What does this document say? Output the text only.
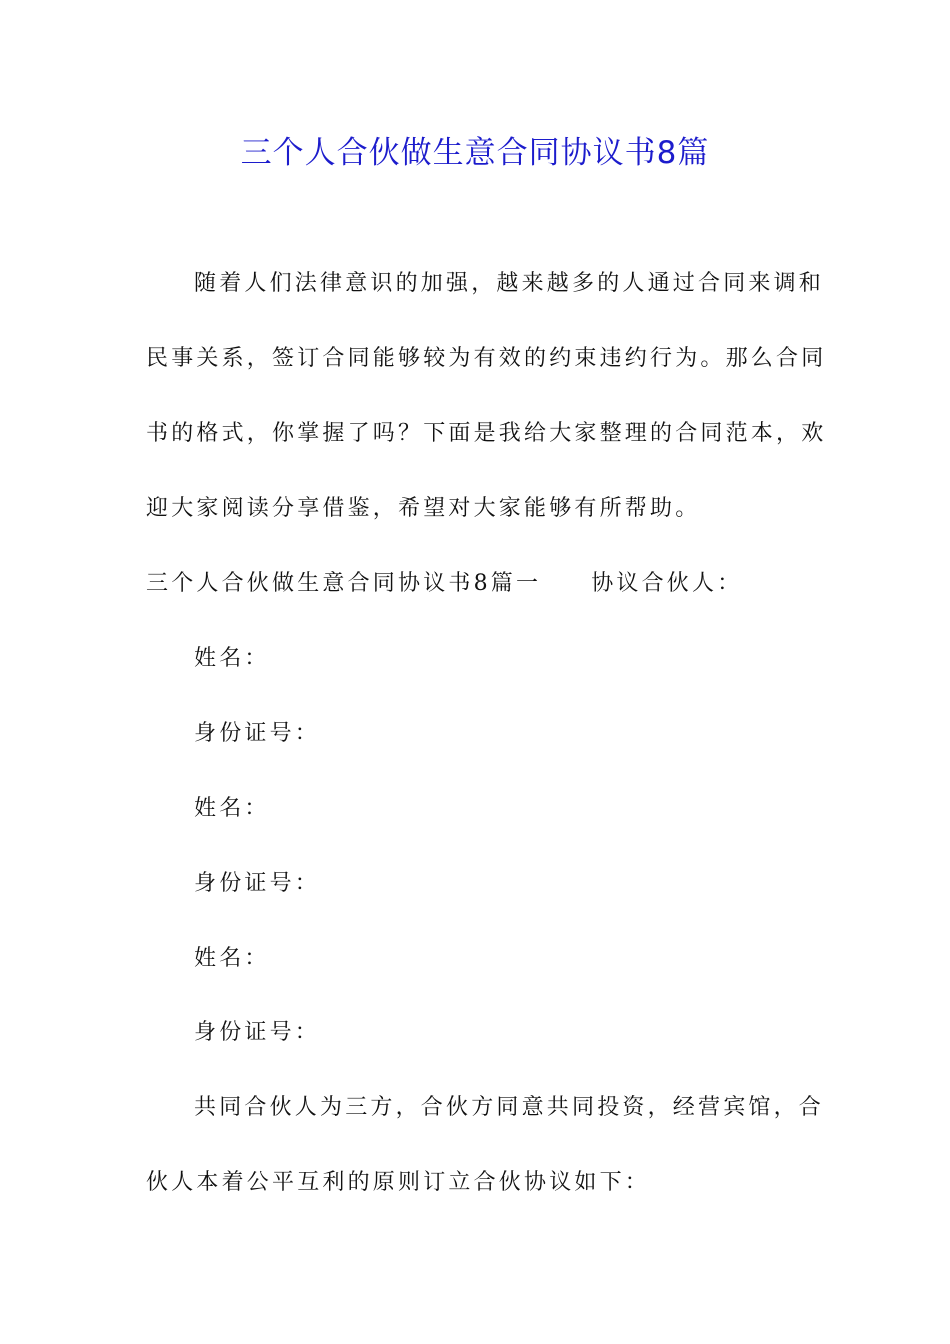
三个人合伙做生意合同协议书8篇
随着人们法律意识的加强，越来越多的人通过合同来调和
民事关系，签订合同能够较为有效的约束违约行为。那么合同
书的格式，你掌握了吗？下面是我给大家整理的合同范本，欢
迎大家阅读分享借鉴，希望对大家能够有所帮助。
三个人合伙做生意合同协议书8篇一 协议合伙人：
姓名：
身份证号：
姓名：
身份证号：
姓名：
身份证号：
共同合伙人为三方，合伙方同意共同投资，经营宾馆，合
伙人本着公平互利的原则订立合伙协议如下：
